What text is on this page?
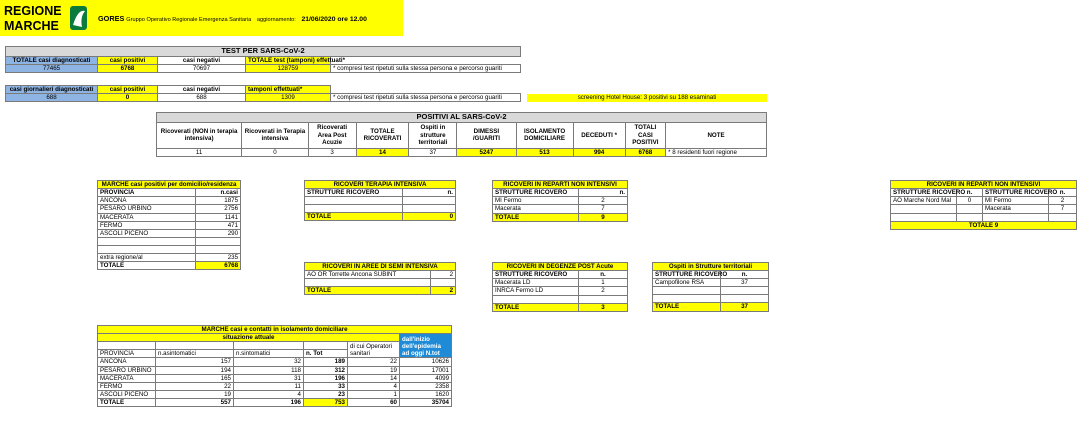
REGIONE
MARCHE
GORES Gruppo Operativo Regionale Emergenza Sanitaria aggiornamento: 21/06/2020 ore 12.00
TEST PER SARS-CoV-2				
TOTALE casi diagnosticati	casi positivi	casi negativi	TOTALE test (tamponi) effettuati*	
77465	6768	70697	128759	* compresi test ripetuti sulla stessa persona e percorso guariti
casi giornalieri diagnosticati	casi positivi	casi negativi	tamponi effettuati*	
688	0	688	1309	* compresi test ripetuti sulla stessa persona e percorso guariti	screening Hotel House: 3 positivi su 188 esaminati
POSITIVI AL SARS-CoV-2									
Ricoverati (NON in terapia intensiva)	Ricoverati in Terapia intensiva	Ricoverati Area Post Acuzie	TOTALE RICOVERATI	Ospiti in strutture territoriali	DIMESSI /GUARITI	ISOLAMENTO DOMICILIARE	DECEDUTI *	TOTALI CASI POSITIVI	NOTE
11	0	3	14	37	5247	513	994	6768	* 8 residenti fuori regione
MARCHE casi positivi per domicilio/residenza	
PROVINCIA	n.casi
ANCONA	1875
PESARO URBINO	2756
MACERATA	1141
FERMO	471
ASCOLI PICENO	290

extra regione/al	235
TOTALE	6768
RICOVERI TERAPIA INTENSIVA	
STRUTTURE RICOVERO	n.

TOTALE	0
RICOVERI IN REPARTI NON INTENSIVI	
STRUTTURE RICOVERO	n.
MI Fermo	2
Macerata	7
TOTALE	9
RICOVERI IN REPARTI NON INTENSIVI			
STRUTTURE RICOVERO	n.	STRUTTURE RICOVERO	n.
AO Marche Nord Mal	0	MI Fermo	2
		Macerata	7

TOTALE 9			
RICOVERI IN AREE DI SEMI INTENSIVA	
AO OR Torrette Ancona SUBINT	2

TOTALE	2
RICOVERI IN DEGENZE POST Acute	
STRUTTURE RICOVERO	n.
Macerata LD	1
INRCA Fermo LD	2

TOTALE	3
Ospiti in Strutture territoriali	
STRUTTURE RICOVERO	n.
Campofilone RSA	37

TOTALE	37
MARCHE casi e contatti in isolamento domiciliare					
situazione attuale					dall'inizio dell'epidemia ad oggi N.tot
				di cui Operatori sanitari	
PROVINCIA	n.asintomatici	n.sintomatici	n. Tot		
ANCONA	157	32	189	22	10626
PESARO URBINO	194	118	312	19	17001
MACERATA	165	31	196	14	4099
FERMO	22	11	33	4	2358
ASCOLI PICENO	19	4	23	1	1620
TOTALE	557	196	753	60	35704
